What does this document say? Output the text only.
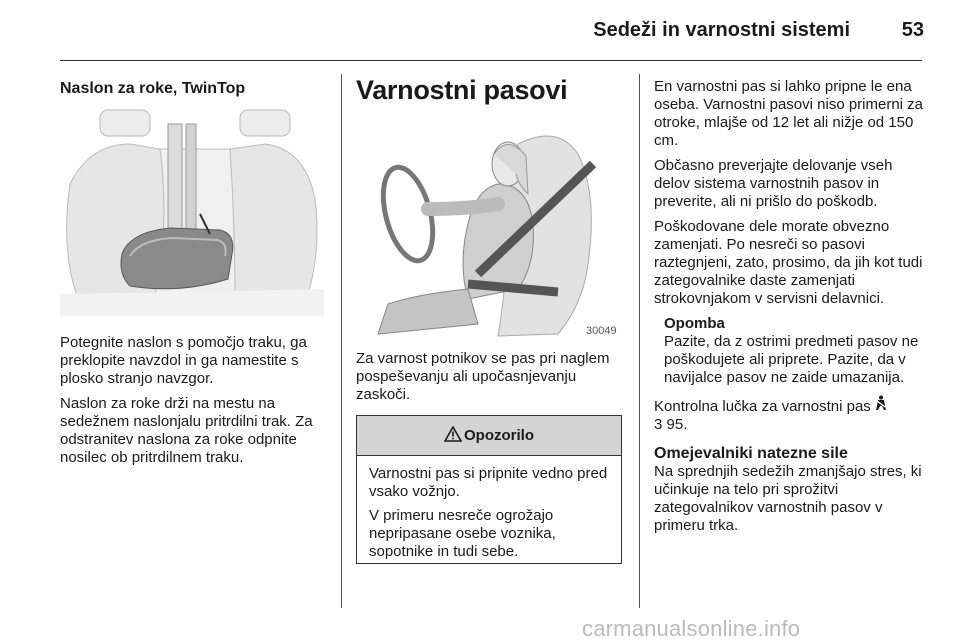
Sedeži in varnostni sistemi	53
Naslon za roke, TwinTop

Potegnite naslon s pomočjo traku, ga preklopite navzdol in ga namestite s plosko stranjo navzgor.

Naslon za roke drži na mestu na sedežnem naslonjalu pritrdilni trak. Za odstranitev naslona za roke odpnite nosilec ob pritrdilnem traku.

Varnostni pasovi
30049

Za varnost potnikov se pas pri naglem pospeševanju ali upočasnjevanju zaskoči.

Opozorilo

Varnostni pas si pripnite vedno pred vsako vožnjo.

V primeru nesreče ogrožajo nepripasane osebe voznika, sopotnike in tudi sebe.

En varnostni pas si lahko pripne le ena oseba. Varnostni pasovi niso primerni za otroke, mlajše od 12 let ali nižje od 150 cm.

Občasno preverjajte delovanje vseh delov sistema varnostnih pasov in preverite, ali ni prišlo do poškodb.

Poškodovane dele morate obvezno zamenjati. Po nesreči so pasovi raztegnjeni, zato, prosimo, da jih kot tudi zategovalnike daste zamenjati strokovnjakom v servisni delavnici.

Opomba
Pazite, da z ostrimi predmeti pasov ne poškodujete ali priprete. Pazite, da v navijalce pasov ne zaide umazanija.

Kontrolna lučka za varnostni pas
3 95.

Omejevalniki natezne sile

Na sprednjih sedežih zmanjšajo stres, ki učinkuje na telo pri sprožitvi zategovalnikov varnostnih pasov v primeru trka.

carmanualsonline.info
